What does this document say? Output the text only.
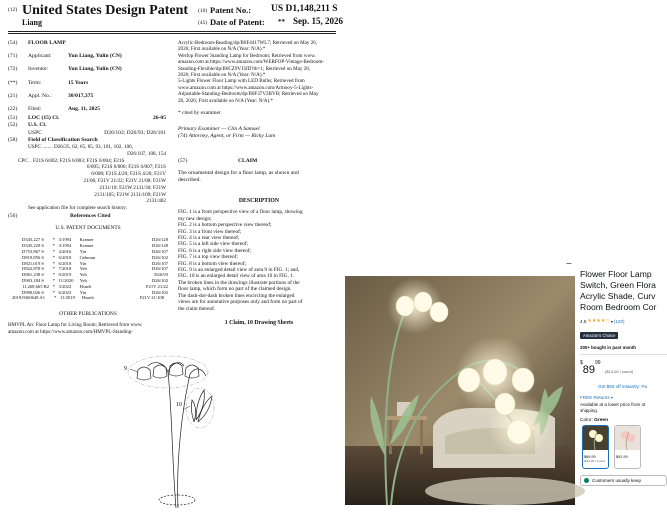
(12) United States Design Patent
Liang
(10) Patent No.: US D1,148,211 S
(45) Date of Patent: ** Sep. 15, 2026
(54)	FLOOR LAMP
(71)	Applicant:	Yun Liang, Yulin (CN)
(72)	Inventor:	Yun Liang, Yulin (CN)
(**)	Term:	15 Years
(21)	Appl. No.:	30/017,375
(22)	Filed:	Aug. 11, 2025
(51)	LOC (15) Cl.	26-05
(52)	U.S. Cl.
USPC	D26/102; D26/93; D26/101
(58)	Field of Classification Search
USPC ........ D26/25, 62, 65, 85, 93, 101, 102, 106,
D26/107, 108, 154
CPC .. F21S 6/002; F21S 6/003; F21S 6/004; F21S
6/005; F21S 6/006; F21S 6/007; F21S
6/008; F21S 4/20; F21S 4/28; F21V
21/06; F21V 21/22; F21V 21/08; F21W
2131/10; F21W 2131/30; F21W
2131/105; F21W 2131/109; F21W
2131/402
See application file for complete search history.
(56)	References Cited
U.S. PATENT DOCUMENTS
D345,227 S	* 3/1994	Kramer	D26/128
D345,229 S	* 3/1994	Kramer	D26/128
D753,867 S	* 4/2016	Yin	D26/107
D819,856 S	* 6/2018	Gehman	D26/102
D821,019 S	* 6/2018	Yin	D26/107
D822,878 S	* 7/2018	Yeh	D26/107
D861,238 S	* 9/2019	Yeh	D26/93
D903,184 S	* 11/2020	Yeh	D26/102
11,268,665 B2 * 3/2022	Hsueh	F21V 21/22
D990,026 S	* 6/2023	Yin	D26/102
2019/0360648 A1	* 11/2019	Hsueh	F21V 21/108
OTHER PUBLICATIONS
HMVPL Arc Floor Lamp for Living Room; Retrieved from www.
amazon.com at https://www.amazon.com/HMVPL-Standing-
Acrylic-Bedroom-Reading/dp/B0F4417WL7; Retrieved on May 26,
2026; First available on N/A (Year: N/A).*
Werfop Flower Standing Lamp for Bedroom; Retrieved from www.
amazon.com at https://www.amazon.com/WERFOP-Vintage-Bedroom-
Standing-Flexible/dp/B0CZ9VJ3JD?th=1; Retrieved on May 28,
2026; First available on N/A (Year: N/A).*
5-Lights Flower Floor Lamp with LED Bulbs; Retrieved from
www.amazon.com at https://www.amazon.com/Armooy-5-Lights-
Adjustable-Standing-Bedroom/dp/B0F37V2BVB; Retrieved on May
28, 2026; First available on N/A (Year: N/A).*
* cited by examiner
Primary Examiner — Clin A Samuel
(74) Attorney, Agent, or Firm — Ricky Lam
(57)	CLAIM
The ornamental design for a floor lamp, as shown and
described.
DESCRIPTION
FIG. 1 is a front perspective view of a floor lamp, showing
my new design;
FIG. 2 is a bottom perspective view thereof;
FIG. 3 is a front view thereof;
FIG. 4 is a rear view thereof;
FIG. 5 is a left side view thereof;
FIG. 6 is a right side view thereof;
FIG. 7 is a top view thereof;
FIG. 8 is a bottom view thereof;
FIG. 9 is an enlarged detail view of area 9 in FIG. 1; and,
FIG. 10 is an enlarged detail view of area 10 in FIG. 1.
The broken lines in the drawings illustrate portions of the
floor lamp, which form no part of the claimed design.
The dash-dot-dash broken lines encircling the enlarged
views are for annotative purposes only and form no part of
the claim thereof.
1 Claim, 10 Drawing Sheets
9
10
−
Flower Floor Lamp
Switch, Green Flora
Acrylic Shade, Curv
Room Bedroom Cor
4.5 ★★★★☆ ▾ (120)
Amazon's Choice
200+ bought in past month
$^{\$}89^{99}$ ($14.00 / count)
Get $50 off instantly: Pa
FREE Returns ▾
Available at a lower price from ot
shipping.
Color: Green
$89.99
($14.00 / count)
$92.99
Customers usually keep
